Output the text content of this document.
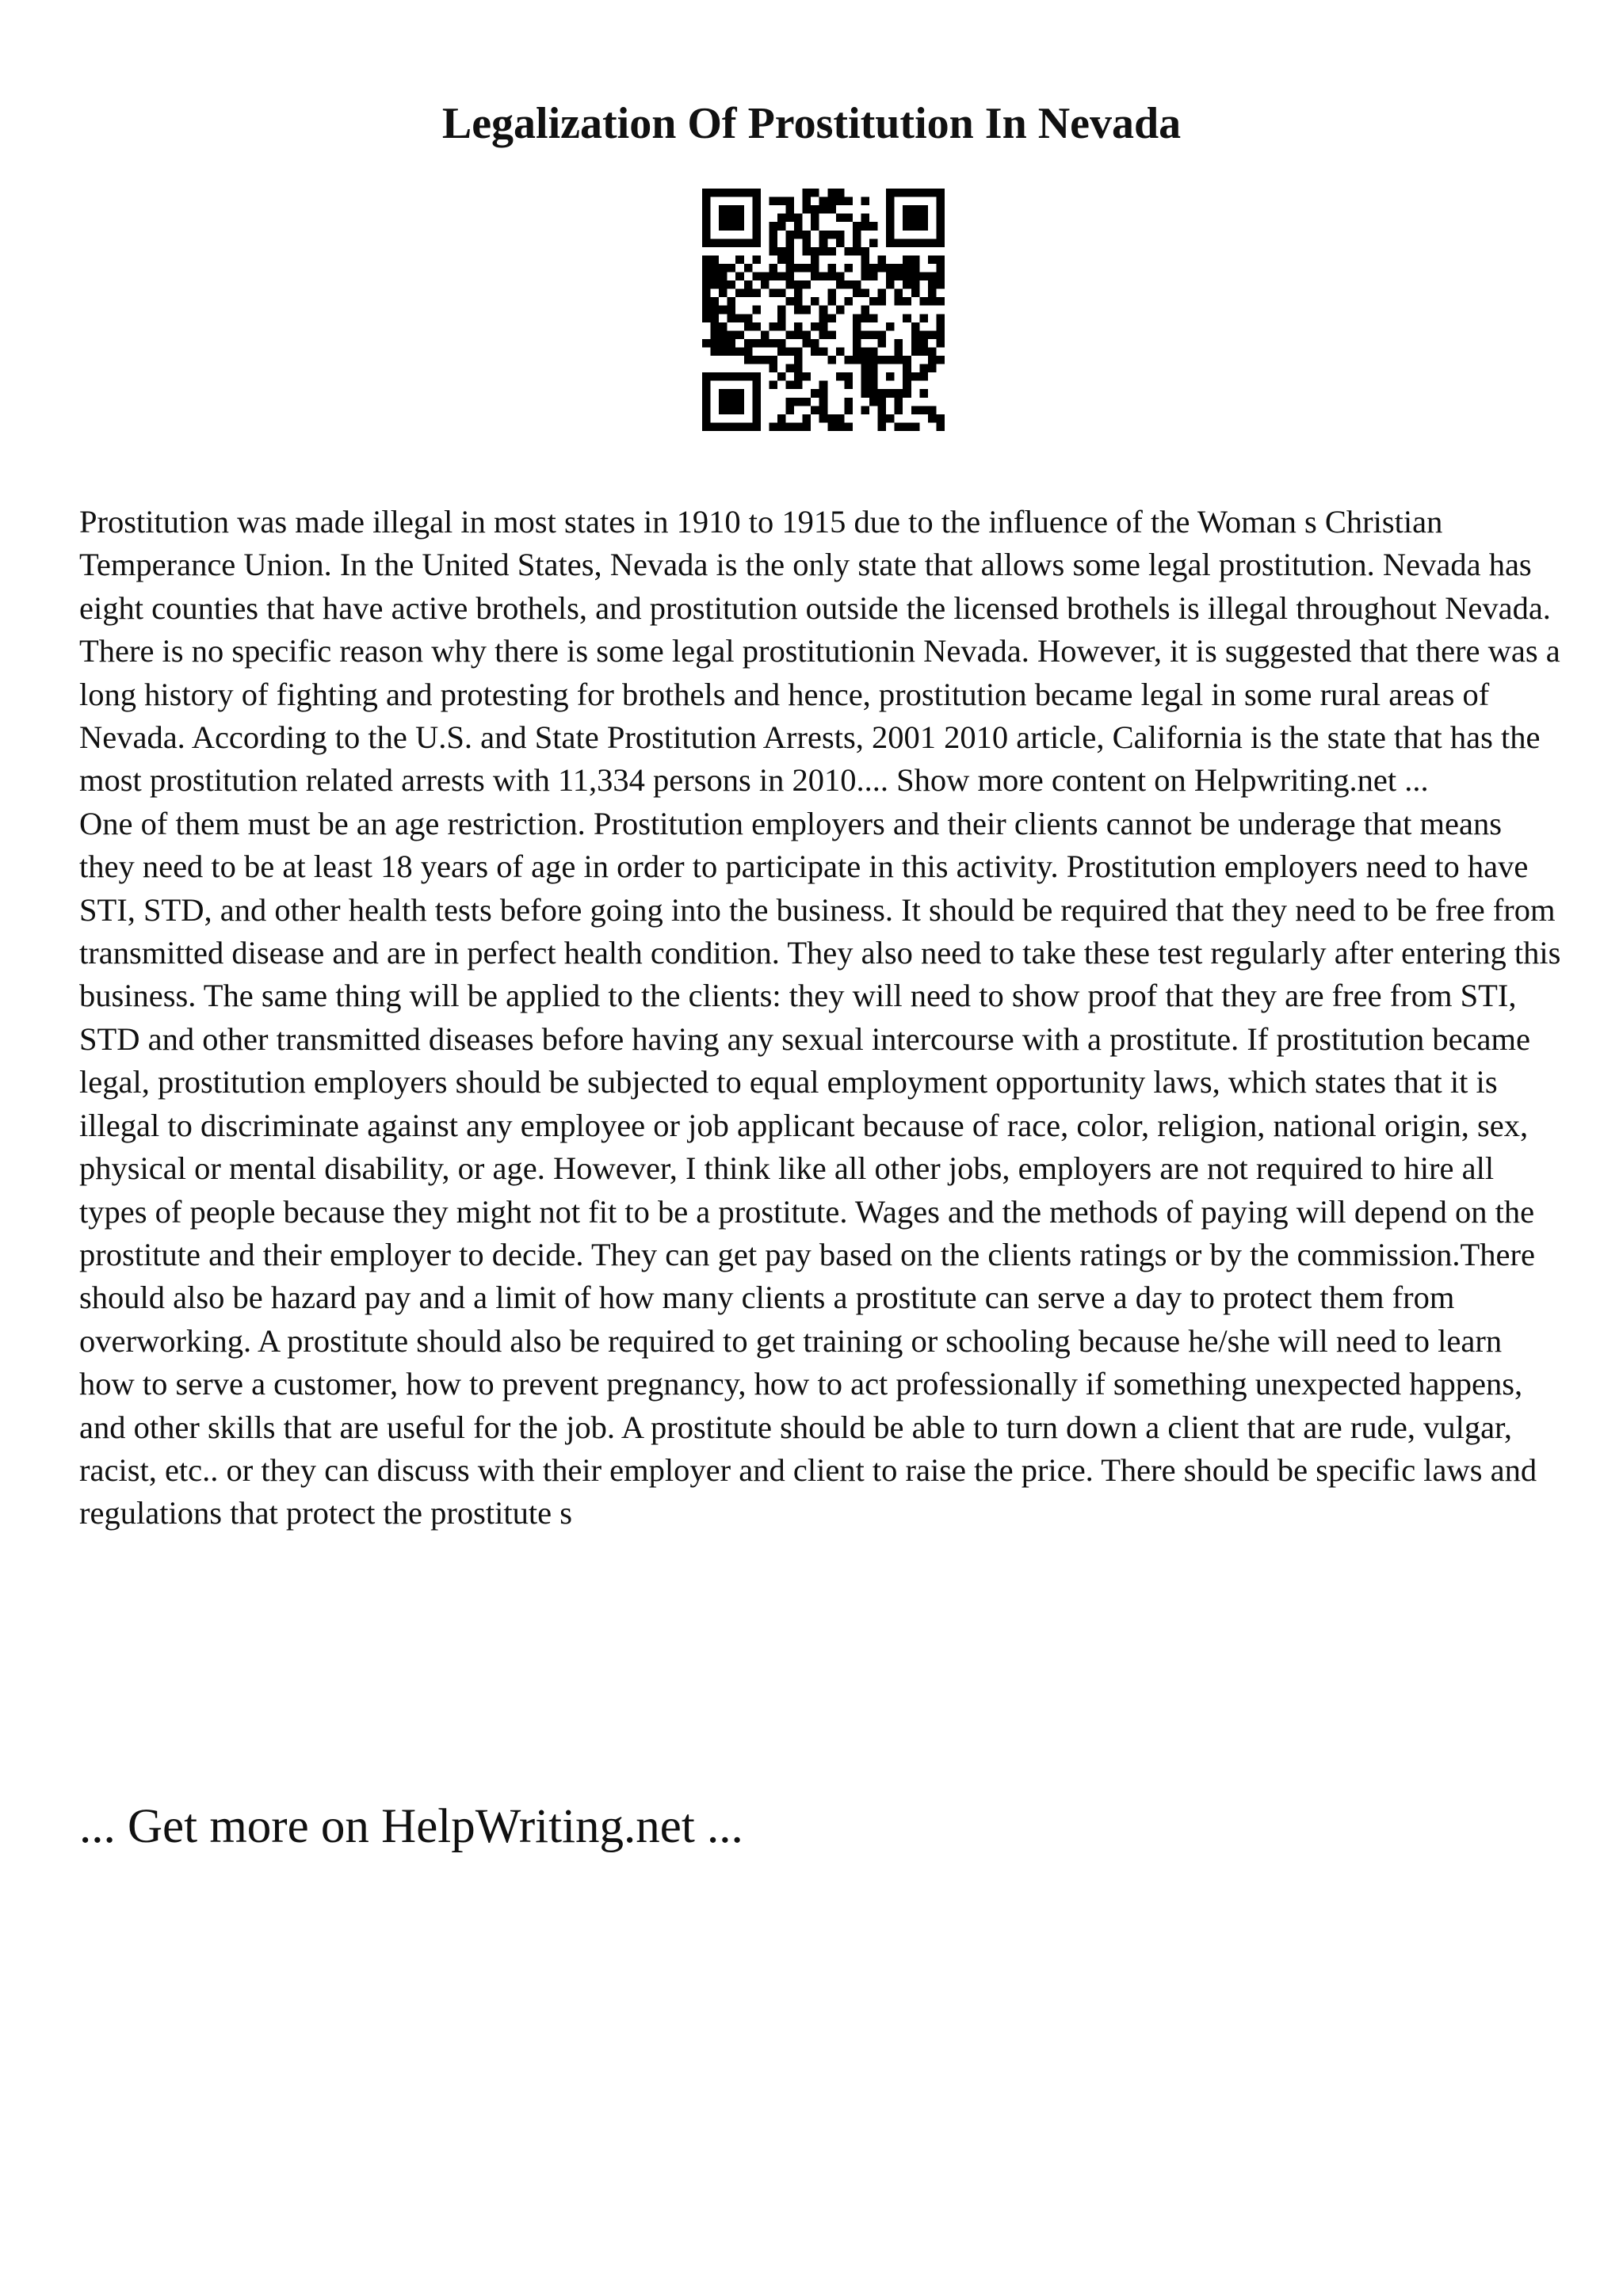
Legalization Of Prostitution In Nevada

Prostitution was made illegal in most states in 1910 to 1915 due to the influence of the Woman s Christian Temperance Union. In the United States, Nevada is the only state that allows some legal prostitution. Nevada has eight counties that have active brothels, and prostitution outside the licensed brothels is illegal throughout Nevada. There is no specific reason why there is some legal prostitutionin Nevada. However, it is suggested that there was a long history of fighting and protesting for brothels and hence, prostitution became legal in some rural areas of Nevada. According to the U.S. and State Prostitution Arrests, 2001 2010 article, California is the state that has the most prostitution related arrests with 11,334 persons in 2010.... Show more content on Helpwriting.net ...

One of them must be an age restriction. Prostitution employers and their clients cannot be underage that means they need to be at least 18 years of age in order to participate in this activity. Prostitution employers need to have STI, STD, and other health tests before going into the business. It should be required that they need to be free from transmitted disease and are in perfect health condition. They also need to take these test regularly after entering this business. The same thing will be applied to the clients: they will need to show proof that they are free from STI, STD and other transmitted diseases before having any sexual intercourse with a prostitute. If prostitution became legal, prostitution employers should be subjected to equal employment opportunity laws, which states that it is illegal to discriminate against any employee or job applicant because of race, color, religion, national origin, sex, physical or mental disability, or age. However, I think like all other jobs, employers are not required to hire all types of people because they might not fit to be a prostitute. Wages and the methods of paying will depend on the prostitute and their employer to decide. They can get pay based on the clients ratings or by the commission.There should also be hazard pay and a limit of how many clients a prostitute can serve a day to protect them from overworking. A prostitute should also be required to get training or schooling because he/she will need to learn how to serve a customer, how to prevent pregnancy, how to act professionally if something unexpected happens, and other skills that are useful for the job. A prostitute should be able to turn down a client that are rude, vulgar, racist, etc.. or they can discuss with their employer and client to raise the price. There should be specific laws and regulations that protect the prostitute s

... Get more on HelpWriting.net ...
